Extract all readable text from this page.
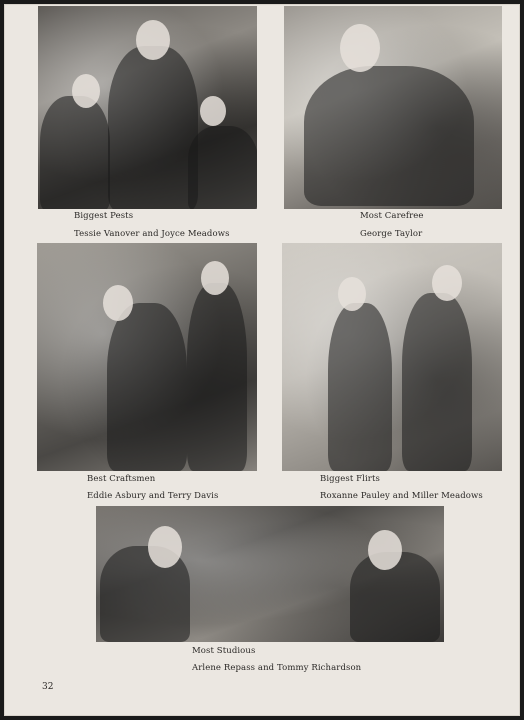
Biggest Pests
Tessie Vanover and Joyce Meadows
Most Carefree
George Taylor
Best Craftsmen
Eddie Asbury and Terry Davis
Biggest Flirts
Roxanne Pauley and Miller Meadows
Most Studious
Arlene Repass and Tommy Richardson
32
